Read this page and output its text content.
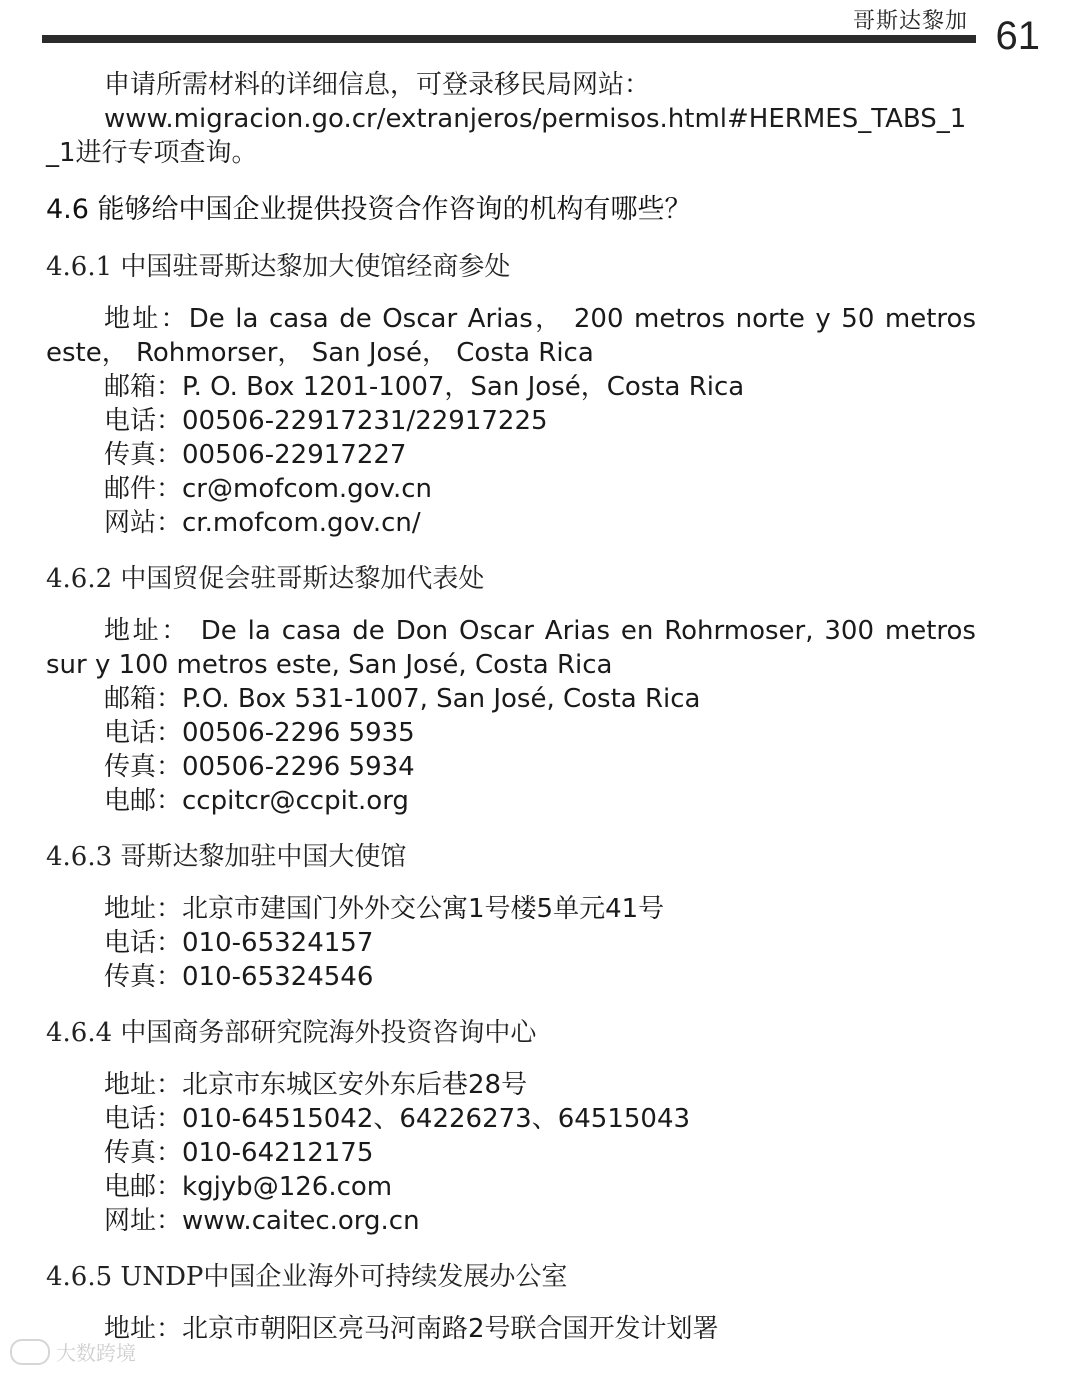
哥斯达黎加 61

申请所需材料的详细信息，可登录移民局网站：

www.migracion.go.cr/extranjeros/permisos.html#HERMES_TABS_1_1进行专项查询。

4.6 能够给中国企业提供投资合作咨询的机构有哪些？
4.6.1 中国驻哥斯达黎加大使馆经商参处

地址：De la casa de Oscar Arias， 200 metros norte y 50 metros este， Rohmorser， San José， Costa Rica

邮箱：P. O. Box 1201-1007，San José，Costa Rica

电话：00506-22917231/22917225

传真：00506-22917227

邮件：cr@mofcom.gov.cn

网站：cr.mofcom.gov.cn/

4.6.2 中国贸促会驻哥斯达黎加代表处

地址： De la casa de Don Oscar Arias en Rohrmoser, 300 metros sur y 100 metros este, San José, Costa Rica

邮箱：P.O. Box 531-1007, San José, Costa Rica

电话：00506-2296 5935

传真：00506-2296 5934

电邮：ccpitcr@ccpit.org

4.6.3 哥斯达黎加驻中国大使馆

地址：北京市建国门外外交公寓1号楼5单元41号

电话：010-65324157

传真：010-65324546

4.6.4 中国商务部研究院海外投资咨询中心

地址：北京市东城区安外东后巷28号

电话：010-64515042、64226273、64515043

传真：010-64212175

电邮：kgjyb@126.com

网址：www.caitec.org.cn

4.6.5 UNDP中国企业海外可持续发展办公室

地址：北京市朝阳区亮马河南路2号联合国开发计划署

大数跨境
